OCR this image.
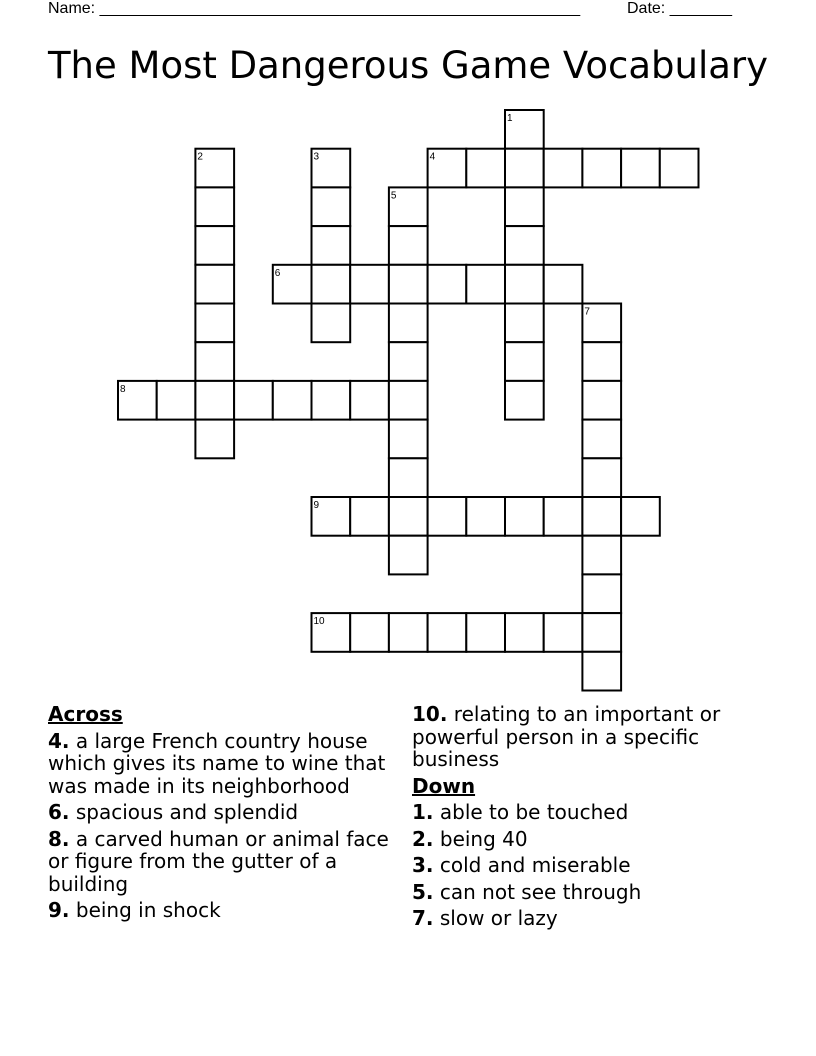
Name: ______________________________________________________	Date: _______
The Most Dangerous Game Vocabulary
1
2	3	4
5
6
7
8
9
10
Across
4. a large French country house which gives its name to wine that was made in its neighborhood
6. spacious and splendid
8. a carved human or animal face or figure from the gutter of a building
9. being in shock
10. relating to an important or powerful person in a specific business
Down
1. able to be touched
2. being 40
3. cold and miserable
5. can not see through
7. slow or lazy
